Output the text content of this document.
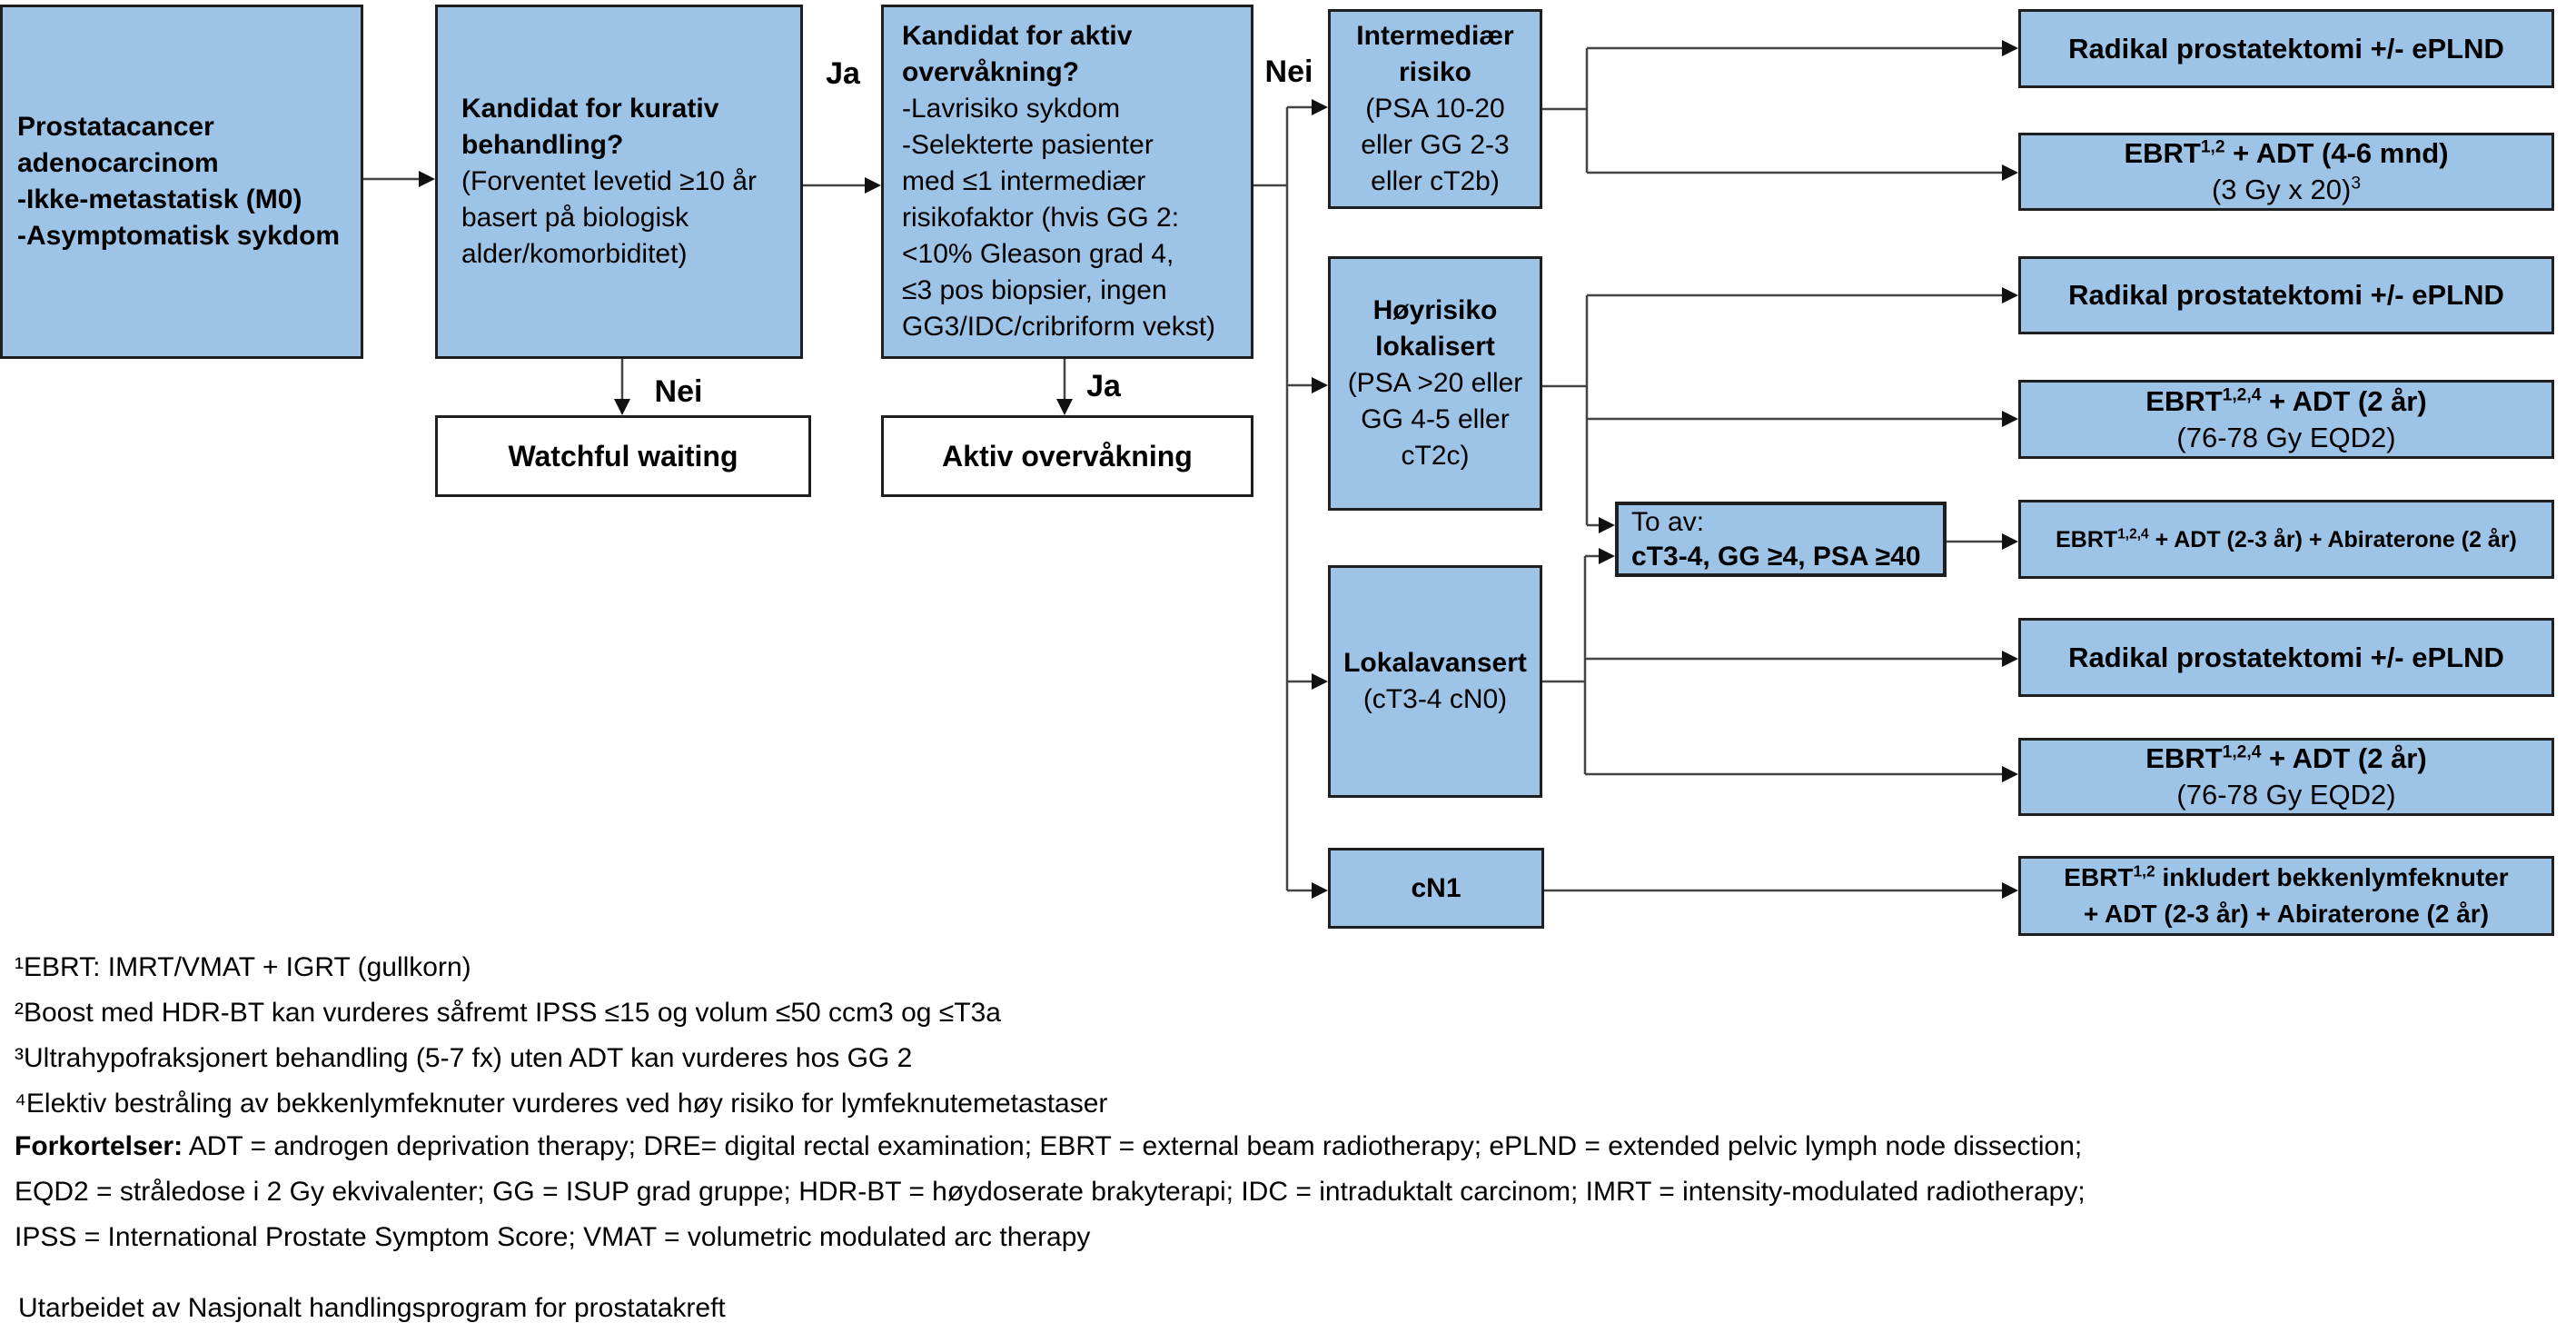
Prostatacancer
adenocarcinom
-Ikke-metastatisk (M0)
-Asymptomatisk sykdom
Kandidat for kurativ
behandling?
(Forventet levetid ≥10 år
basert på biologisk
alder/komorbiditet)
Kandidat for aktiv
overvåkning?
-Lavrisiko sykdom
-Selekterte pasienter
med ≤1 intermediær
risikofaktor (hvis GG 2:
<10% Gleason grad 4,
≤3 pos biopsier, ingen
GG3/IDC/cribriform vekst)
Ja	Nei
Nei	Ja
Watchful waiting	Aktiv overvåkning
Intermediær
risiko
(PSA 10-20
eller GG 2-3
eller cT2b)
Høyrisiko
lokalisert
(PSA >20 eller
GG 4-5 eller
cT2c)
Lokalavansert
(cT3-4 cN0)
cN1
To av:
cT3-4, GG ≥4, PSA ≥40
Radikal prostatektomi +/- ePLND
EBRT$^{1,2}$ + ADT (4-6 mnd)
(3 Gy x 20)$^3$
Radikal prostatektomi +/- ePLND
EBRT$^{1,2,4}$ + ADT (2 år)
(76-78 Gy EQD2)
EBRT$^{1,2,4}$ + ADT (2-3 år) + Abiraterone (2 år)
Radikal prostatektomi +/- ePLND
EBRT$^{1,2,4}$ + ADT (2 år)
(76-78 Gy EQD2)
EBRT$^{1,2}$ inkludert bekkenlymfeknuter
+ ADT (2-3 år) + Abiraterone (2 år)
¹EBRT: IMRT/VMAT + IGRT (gullkorn)
²Boost med HDR-BT kan vurderes såfremt IPSS ≤15 og volum ≤50 ccm3 og ≤T3a
³Ultrahypofraksjonert behandling (5-7 fx) uten ADT kan vurderes hos GG 2
⁴Elektiv bestråling av bekkenlymfeknuter vurderes ved høy risiko for lymfeknutemetastaser
Forkortelser: ADT = androgen deprivation therapy; DRE= digital rectal examination; EBRT = external beam radiotherapy; ePLND = extended pelvic lymph node dissection;
EQD2 = stråledose i 2 Gy ekvivalenter; GG = ISUP grad gruppe; HDR-BT = høydoserate brakyterapi; IDC = intraduktalt carcinom; IMRT = intensity-modulated radiotherapy;
IPSS = International Prostate Symptom Score; VMAT = volumetric modulated arc therapy
Utarbeidet av Nasjonalt handlingsprogram for prostatakreft
